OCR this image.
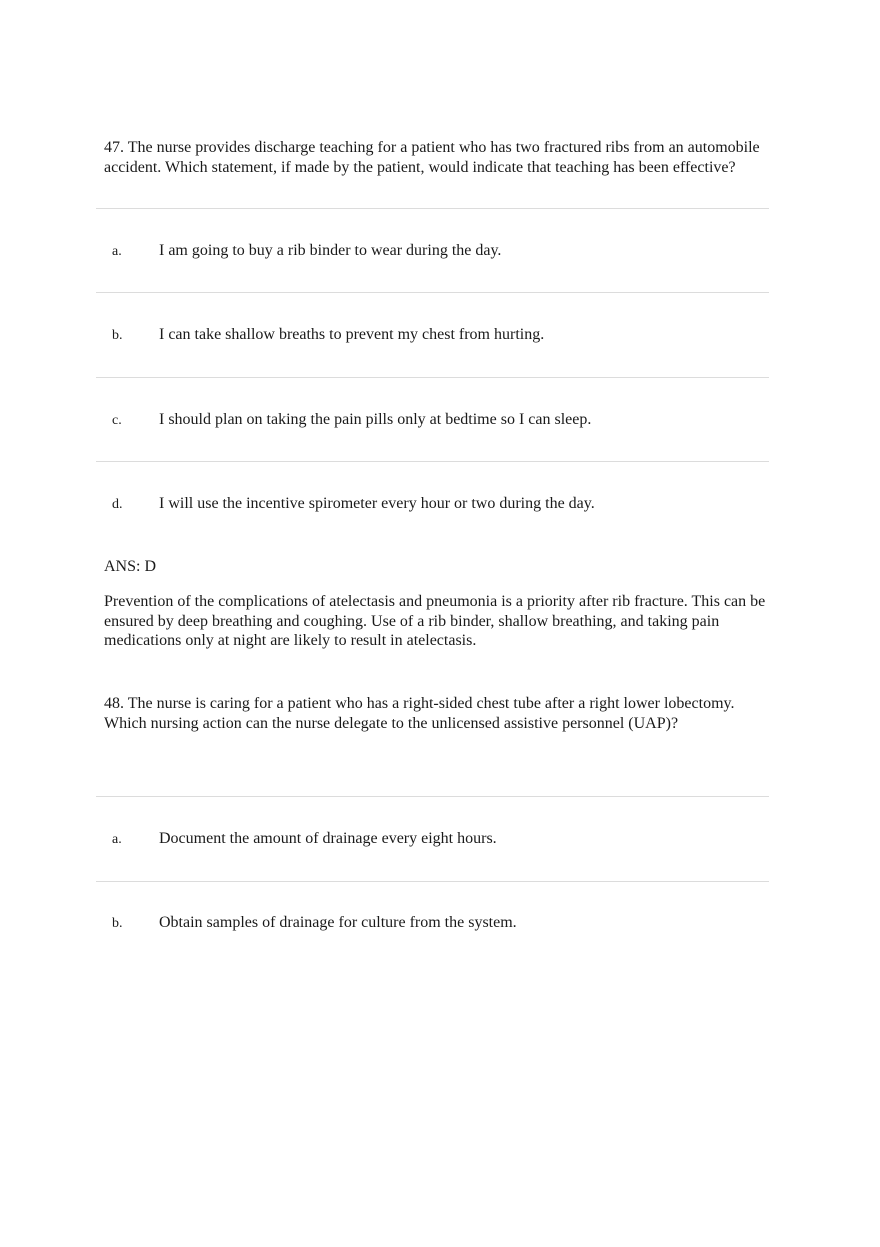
47. The nurse provides discharge teaching for a patient who has two fractured ribs from an automobile accident. Which statement, if made by the patient, would indicate that teaching has been effective?

a. I am going to buy a rib binder to wear during the day.
b. I can take shallow breaths to prevent my chest from hurting.
c. I should plan on taking the pain pills only at bedtime so I can sleep.
d. I will use the incentive spirometer every hour or two during the day.

ANS: D

Prevention of the complications of atelectasis and pneumonia is a priority after rib fracture. This can be ensured by deep breathing and coughing. Use of a rib binder, shallow breathing, and taking pain medications only at night are likely to result in atelectasis.

48. The nurse is caring for a patient who has a right-sided chest tube after a right lower lobectomy. Which nursing action can the nurse delegate to the unlicensed assistive personnel (UAP)?

a. Document the amount of drainage every eight hours.
b. Obtain samples of drainage for culture from the system.
